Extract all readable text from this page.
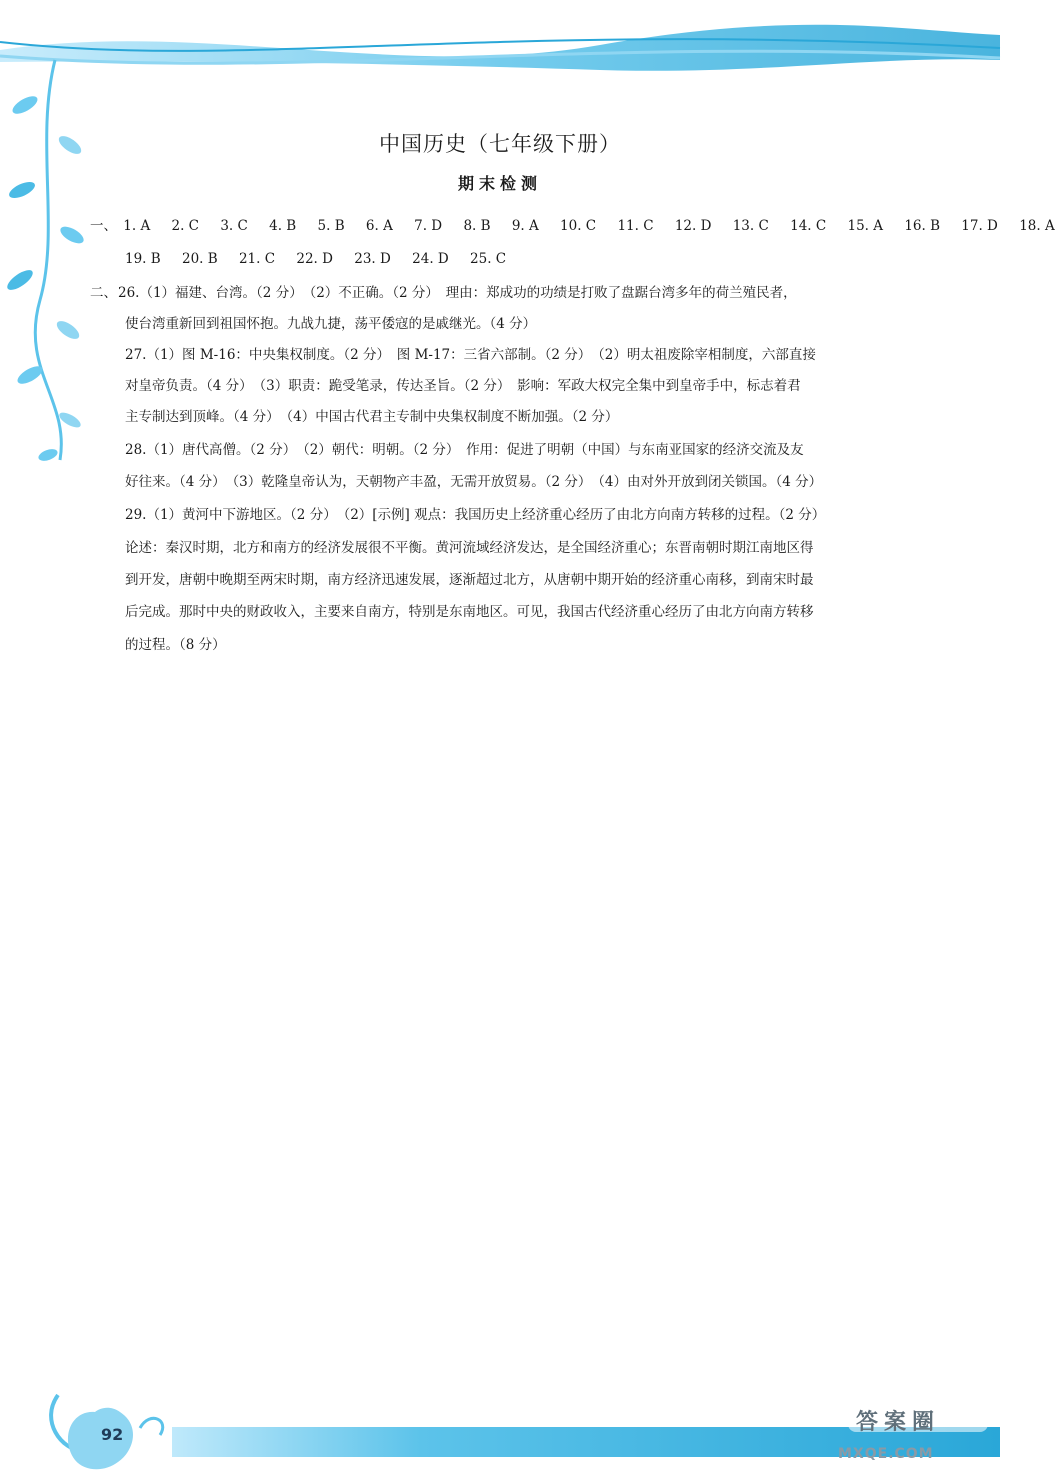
中国历史（七年级下册）
期末检测
一、 1. A 2. C 3. C 4. B 5. B 6. A 7. D 8. B 9. A 10. C 11. C 12. D 13. C 14. C 15. A 16. B 17. D 18. A
19. B 20. B 21. C 22. D 23. D 24. D 25. C
二、 26.（1）福建、台湾。（2 分）　（2）不正确。（2 分）　理由：郑成功的功绩是打败了盘踞台湾多年的荷兰殖民者，
使台湾重新回到祖国怀抱。九战九捷，荡平倭寇的是戚继光。（4 分）
27.（1）图 M-16：中央集权制度。（2 分）　图 M-17：三省六部制。（2 分）　（2）明太祖废除宰相制度，六部直接
对皇帝负责。（4 分）　（3）职责：跪受笔录，传达圣旨。（2 分）　影响：军政大权完全集中到皇帝手中，标志着君
主专制达到顶峰。（4 分）　（4）中国古代君主专制中央集权制度不断加强。（2 分）
28.（1）唐代高僧。（2 分）　（2）朝代：明朝。（2 分）　作用：促进了明朝（中国）与东南亚国家的经济交流及友
好往来。（4 分）　（3）乾隆皇帝认为，天朝物产丰盈，无需开放贸易。（2 分）　（4）由对外开放到闭关锁国。（4 分）
29.（1）黄河中下游地区。（2 分）　（2）[示例] 观点：我国历史上经济重心经历了由北方向南方转移的过程。（2 分）
论述：秦汉时期，北方和南方的经济发展很不平衡。黄河流域经济发达，是全国经济重心；东晋南朝时期江南地区得
到开发，唐朝中晚期至两宋时期，南方经济迅速发展，逐渐超过北方，从唐朝中期开始的经济重心南移，到南宋时最
后完成。那时中央的财政收入，主要来自南方，特别是东南地区。可见，我国古代经济重心经历了由北方向南方转移
的过程。（8 分）
答案圈
92
MXQE.COM
